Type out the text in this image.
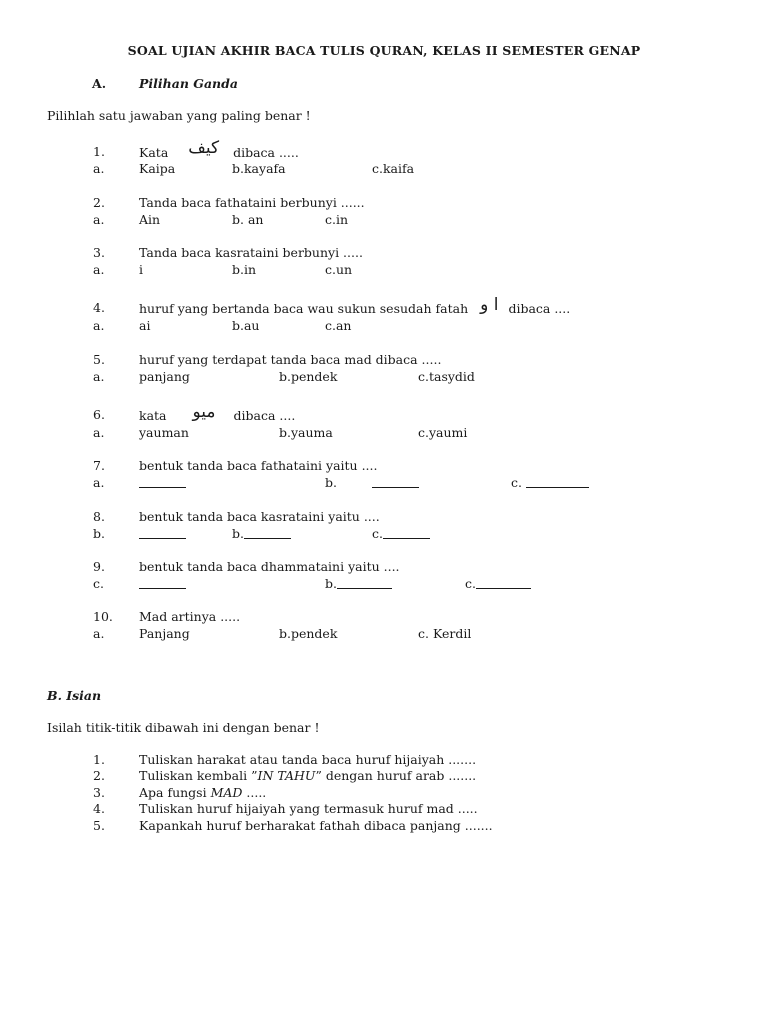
SOAL UJIAN AKHIR BACA TULIS QURAN, KELAS II SEMESTER GENAP
A.	Pilihan Ganda
Pilihlah satu jawaban yang paling benar !
1.	Kata كيف dibaca .....
a.	Kaipa	b.kayafa	c.kaifa
2.	Tanda baca fathataini berbunyi ......
a.	Ain	b. an	c.in
3.	Tanda baca kasrataini berbunyi .....
a.	i	b.in	c.un
4.	huruf yang bertanda baca wau sukun sesudah fatah ا و dibaca ....
a.	ai	b.au	c.an
5.	huruf yang terdapat tanda baca mad dibaca .....
a.	panjang	b.pendek	c.tasydid
6.	kata ميو dibaca ....
a.	yauman	b.yauma	c.yaumi
7.	bentuk tanda baca fathataini yaitu ....
a.	b.	c.
8.	bentuk tanda baca kasrataini yaitu ....
b.	b.	c.
9.	bentuk tanda baca dhammataini yaitu ....
c.	b.	c.
10. Mad artinya .....
a.	Panjang	b.pendek	c. Kerdil
B. Isian
Isilah titik-titik dibawah ini dengan benar !
1.	Tuliskan harakat atau tanda baca huruf hijaiyah .......
2.	Tuliskan kembali ”IN TAHU” dengan huruf arab .......
3.	Apa fungsi MAD .....
4.	Tuliskan huruf hijaiyah yang termasuk huruf mad .....
5.	Kapankah huruf berharakat fathah dibaca panjang .......
